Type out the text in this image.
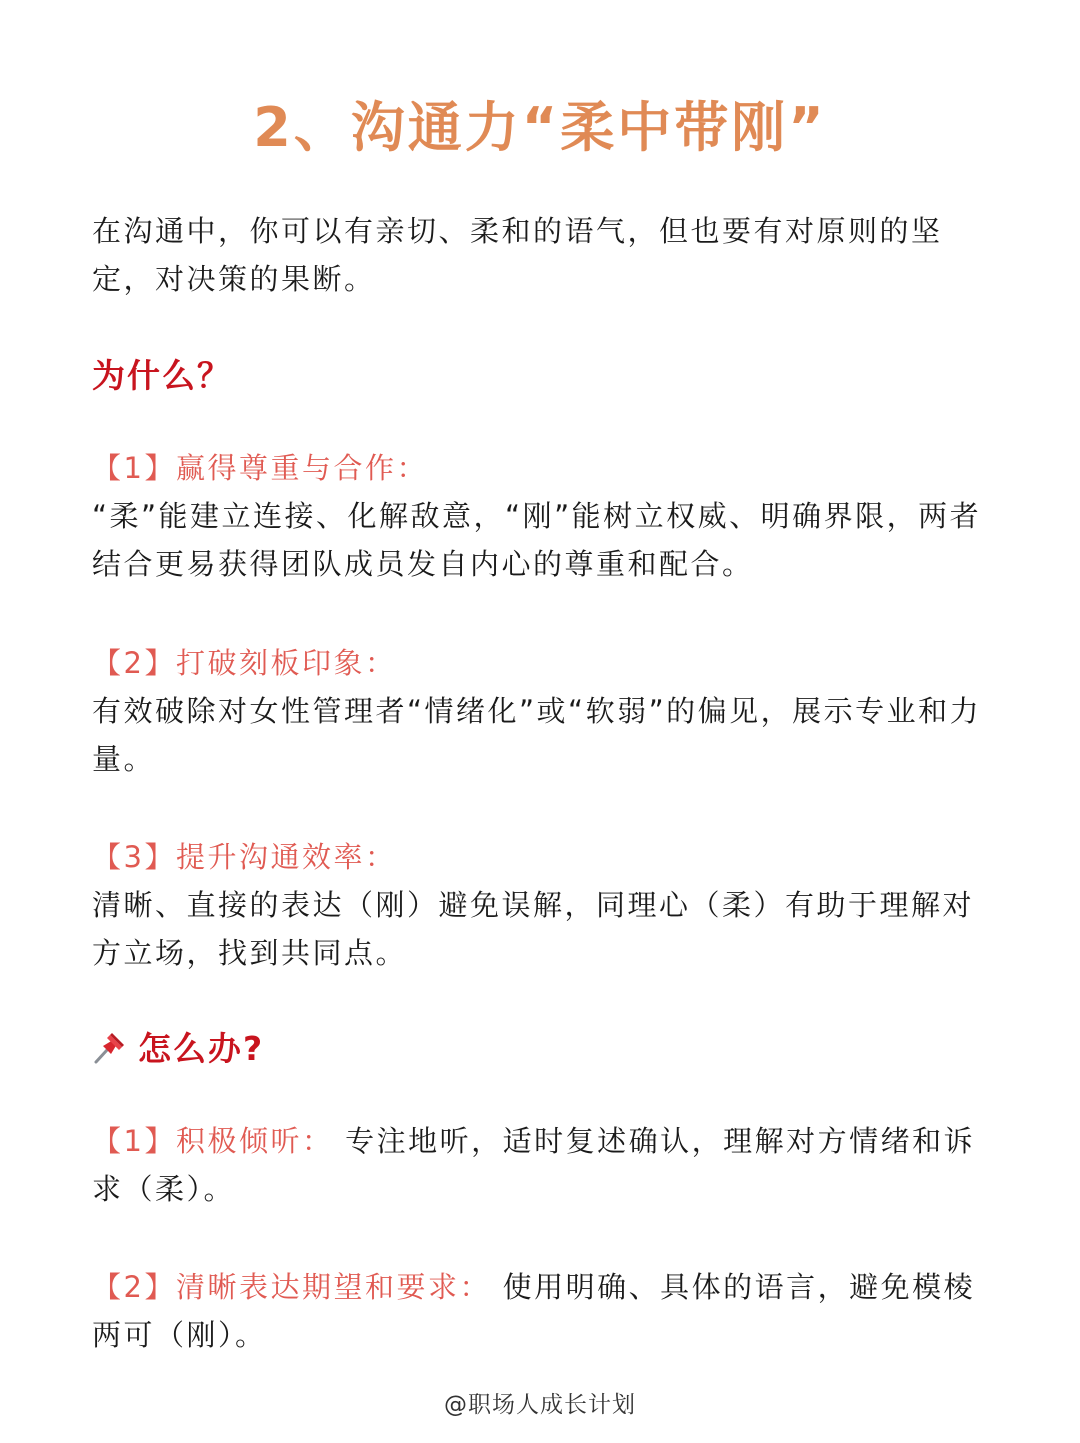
2、沟通力“柔中带刚”

在沟通中，你可以有亲切、柔和的语气，但也要有对原则的坚定，对决策的果断。

为什么？
【1】赢得尊重与合作：
“柔”能建立连接、化解敌意，“刚”能树立权威、明确界限，两者结合更易获得团队成员发自内心的尊重和配合。
【2】打破刻板印象：
有效破除对女性管理者“情绪化”或“软弱”的偏见，展示专业和力量。
【3】提升沟通效率：
清晰、直接的表达（刚）避免误解，同理心（柔）有助于理解对方立场，找到共同点。
怎么办?
【1】积极倾听： 专注地听，适时复述确认，理解对方情绪和诉求（柔）。
【2】清晰表达期望和要求： 使用明确、具体的语言，避免模棱两可（刚）。
@职场人成长计划
